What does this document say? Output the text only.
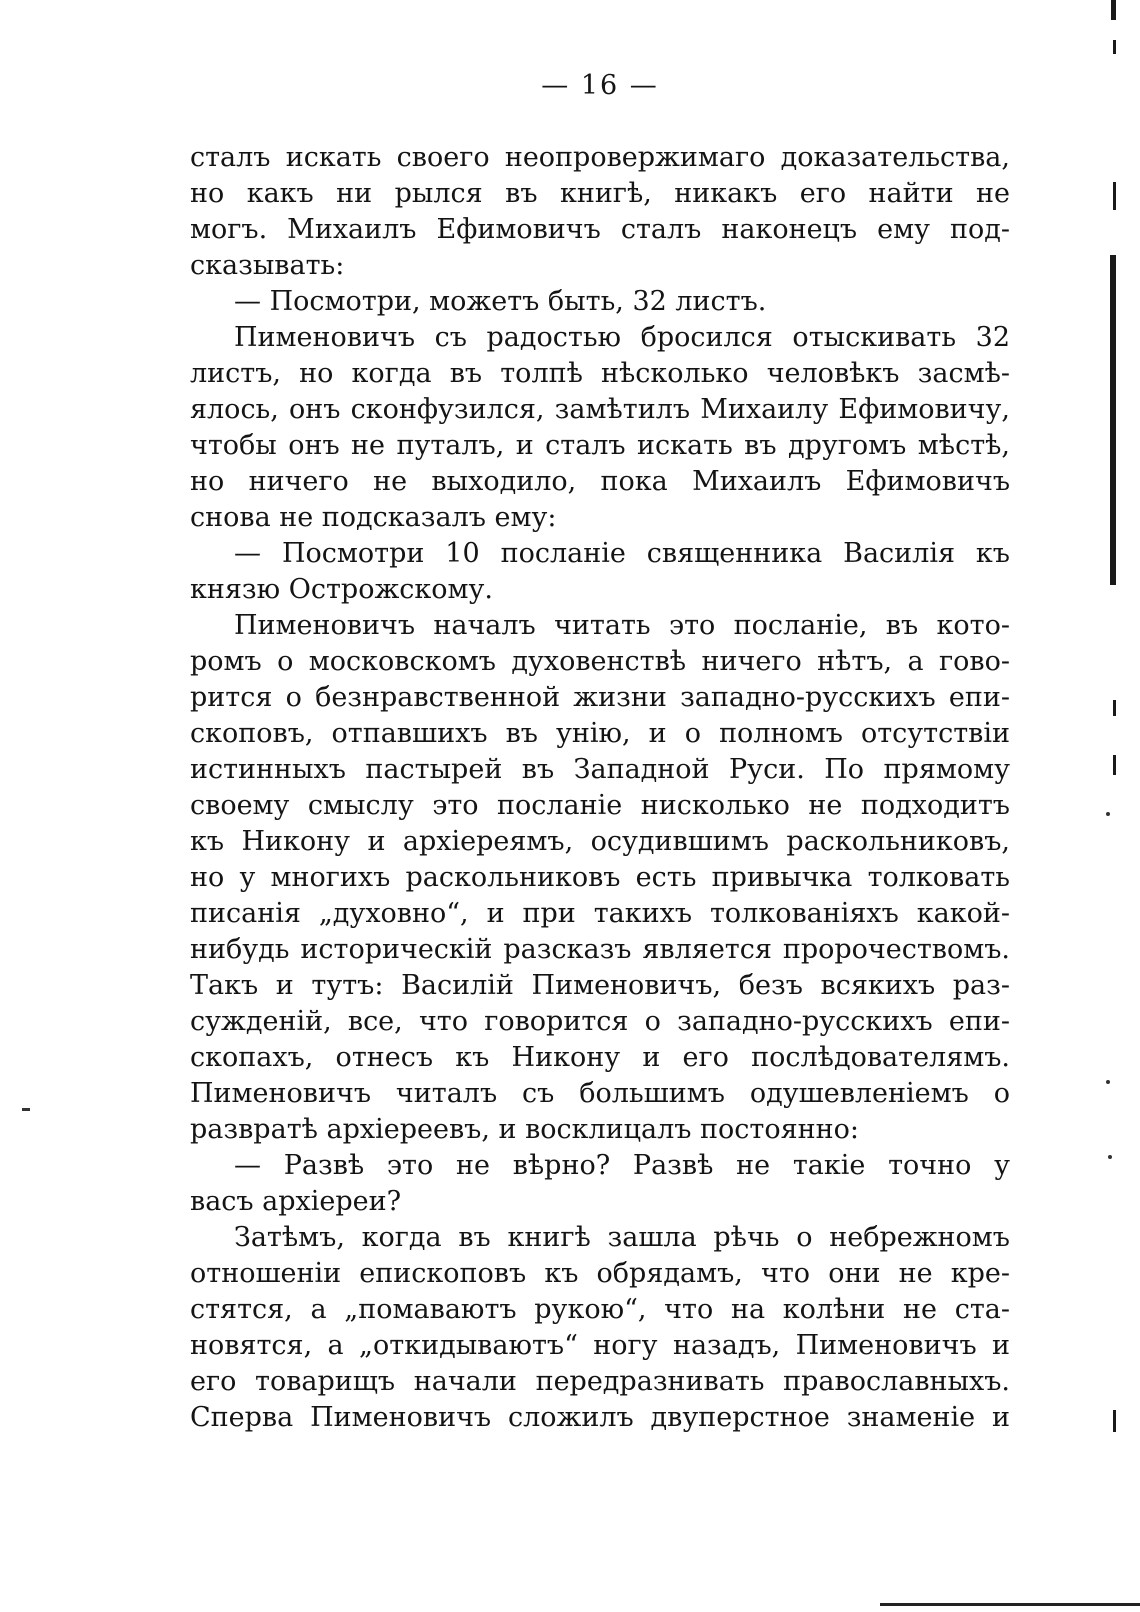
— 16 —
сталъ искать своего неопровержимаго доказательства,
но какъ ни рылся въ книгѣ, никакъ его найти не
могъ. Михаилъ Ефимовичъ сталъ наконецъ ему под-
сказывать:
— Посмотри, можетъ быть, 32 листъ.
Пименовичъ съ радостью бросился отыскивать 32
листъ, но когда въ толпѣ нѣсколько человѣкъ засмѣ-
ялось, онъ сконфузился, замѣтилъ Михаилу Ефимовичу,
чтобы онъ не путалъ, и сталъ искать въ другомъ мѣстѣ,
но ничего не выходило, пока Михаилъ Ефимовичъ
снова не подсказалъ ему:
— Посмотри 10 посланіе священника Василія къ
князю Острожскому.
Пименовичъ началъ читать это посланіе, въ кото-
ромъ о московскомъ духовенствѣ ничего нѣтъ, а гово-
рится о безнравственной жизни западно-русскихъ епи-
скоповъ, отпавшихъ въ унію, и о полномъ отсутствіи
истинныхъ пастырей въ Западной Руси. По прямому
своему смыслу это посланіе нисколько не подходитъ
къ Никону и архіереямъ, осудившимъ раскольниковъ,
но у многихъ раскольниковъ есть привычка толковать
писанія „духовно“, и при такихъ толкованіяхъ какой-
нибудь историческій разсказъ является пророчествомъ.
Такъ и тутъ: Василій Пименовичъ, безъ всякихъ раз-
сужденій, все, что говорится о западно-русскихъ епи-
скопахъ, отнесъ къ Никону и его послѣдователямъ.
Пименовичъ читалъ съ большимъ одушевленіемъ о
развратѣ архіереевъ, и восклицалъ постоянно:
— Развѣ это не вѣрно? Развѣ не такіе точно у
васъ архіереи?
Затѣмъ, когда въ книгѣ зашла рѣчь о небрежномъ
отношеніи епископовъ къ обрядамъ, что они не кре-
стятся, а „помаваютъ рукою“, что на колѣни не ста-
новятся, а „откидываютъ“ ногу назадъ, Пименовичъ и
его товарищъ начали передразнивать православныхъ.
Сперва Пименовичъ сложилъ двуперстное знаменіе и
